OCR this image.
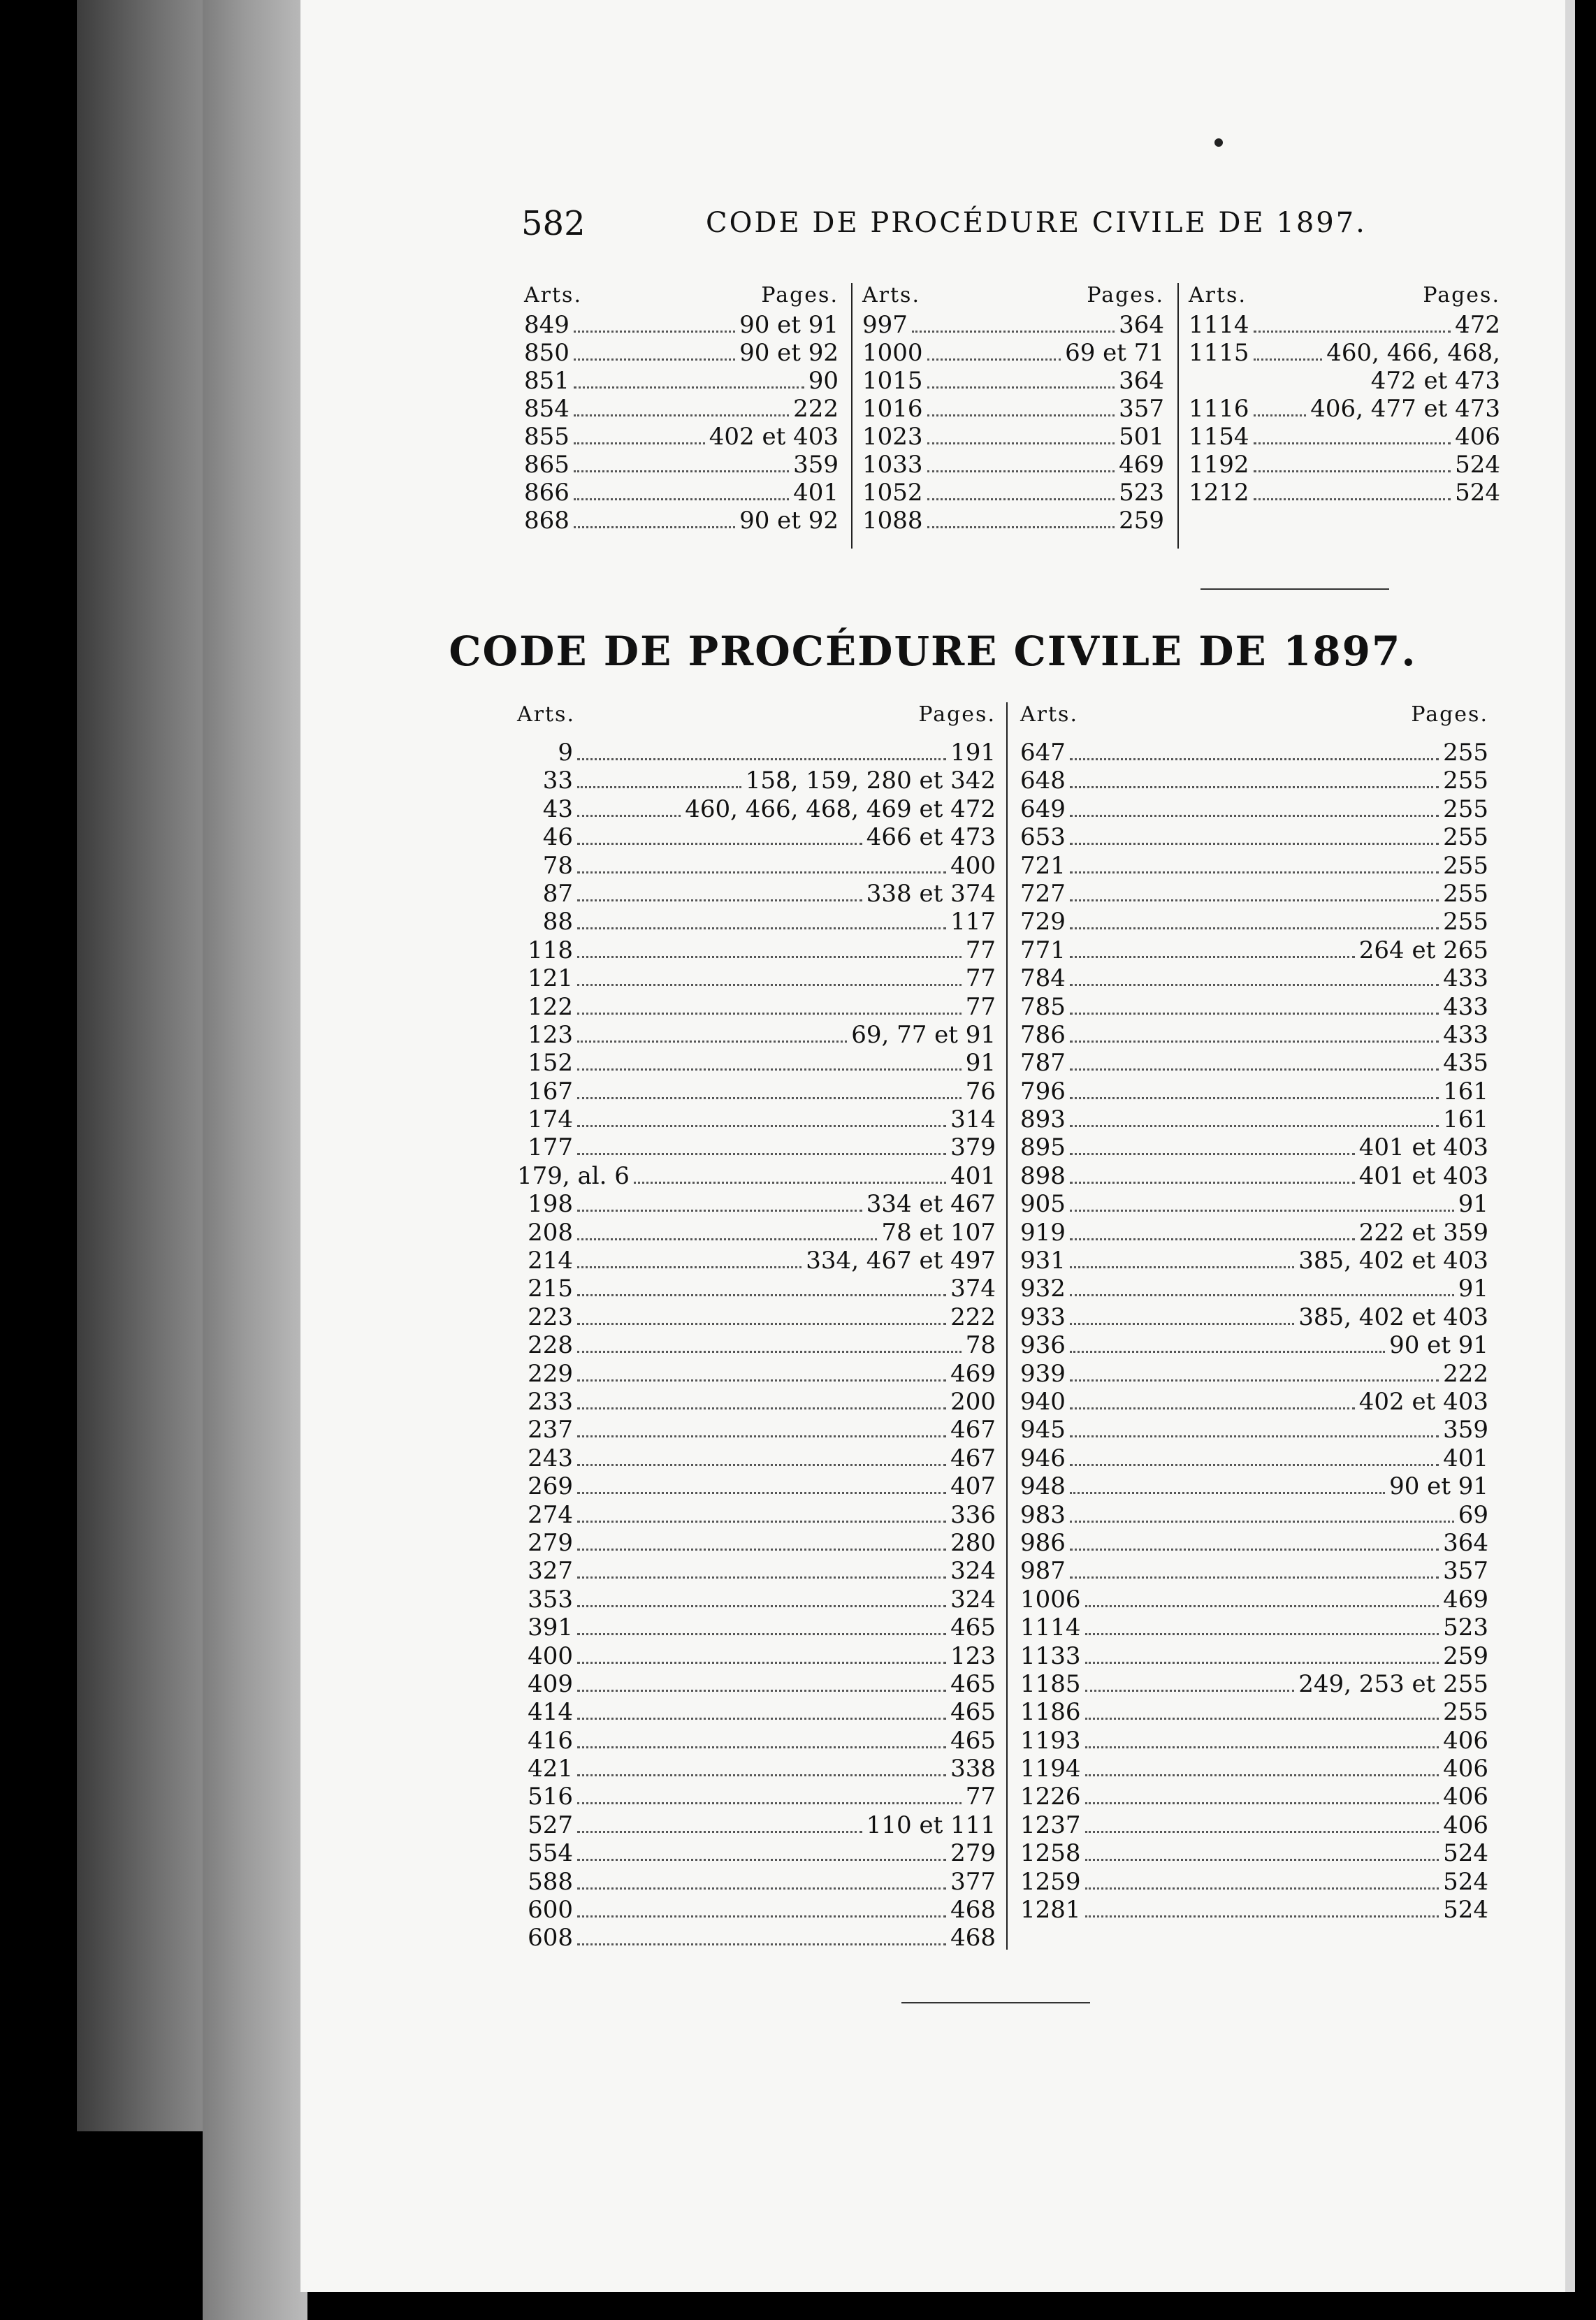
582	CODE DE PROCÉDURE CIVILE DE 1897.
Arts.	Pages.
849	90 et 91
850	90 et 92
851	90
854	222
855	402 et 403
865	359
866	401
868	90 et 92
Arts.	Pages.
997	364
1000	69 et 71
1015	364
1016	357
1023	501
1033	469
1052	523
1088	259
Arts.	Pages.
1114	472
1115	460, 466, 468,
472 et 473
1116	406, 477 et 473
1154	406
1192	524
1212	524
CODE DE PROCÉDURE CIVILE DE 1897.
Arts.	Pages.
9	191
33	158, 159, 280 et 342
43	460, 466, 468, 469 et 472
46	466 et 473
78	400
87	338 et 374
88	117
118	77
121	77
122	77
123	69, 77 et 91
152	91
167	76
174	314
177	379
179, al. 6	401
198	334 et 467
208	78 et 107
214	334, 467 et 497
215	374
223	222
228	78
229	469
233	200
237	467
243	467
269	407
274	336
279	280
327	324
353	324
391	465
400	123
409	465
414	465
416	465
421	338
516	77
527	110 et 111
554	279
588	377
600	468
608	468
Arts.	Pages.
647	255
648	255
649	255
653	255
721	255
727	255
729	255
771	264 et 265
784	433
785	433
786	433
787	435
796	161
893	161
895	401 et 403
898	401 et 403
905	91
919	222 et 359
931	385, 402 et 403
932	91
933	385, 402 et 403
936	90 et 91
939	222
940	402 et 403
945	359
946	401
948	90 et 91
983	69
986	364
987	357
1006	469
1114	523
1133	259
1185	249, 253 et 255
1186	255
1193	406
1194	406
1226	406
1237	406
1258	524
1259	524
1281	524
